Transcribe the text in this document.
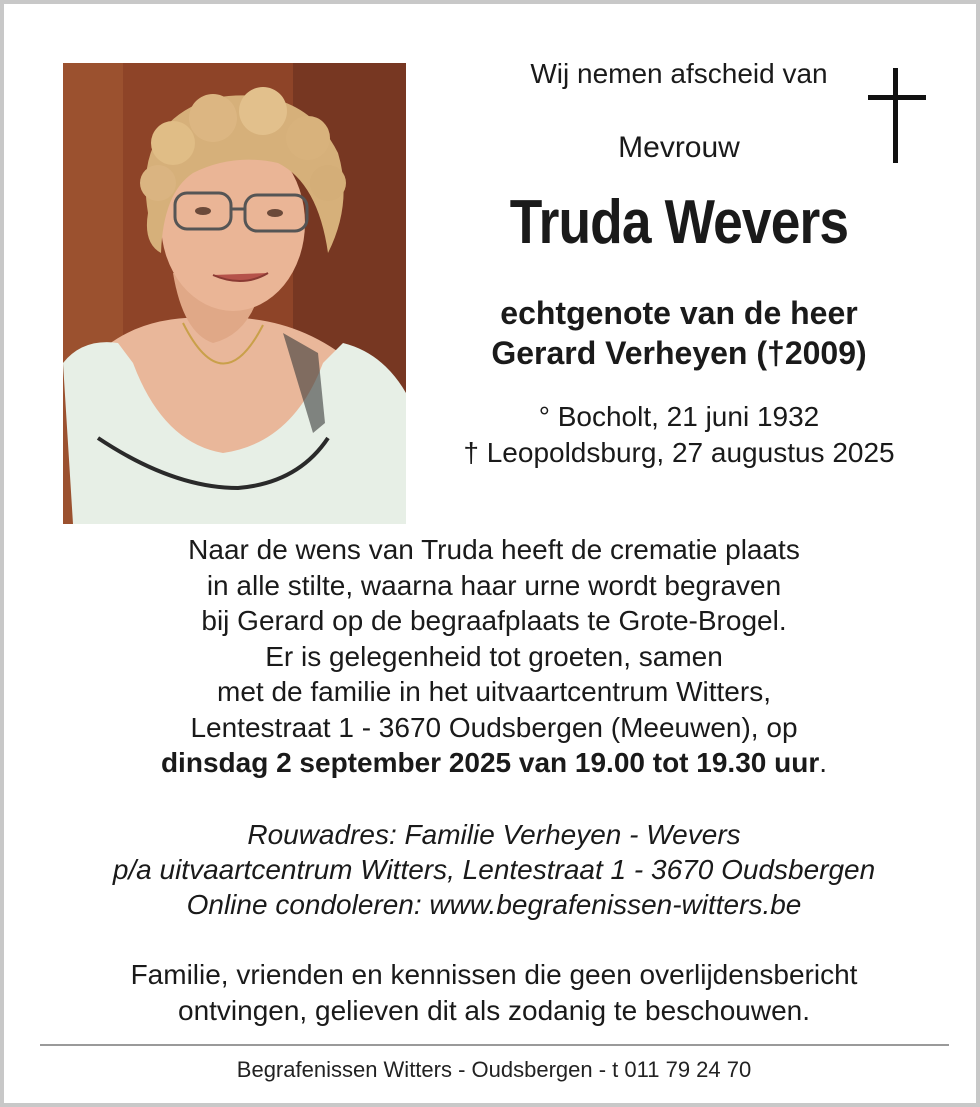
Wij nemen afscheid van
Mevrouw
Truda Wevers
echtgenote van de heer
Gerard Verheyen (†2009)
° Bocholt, 21 juni 1932
† Leopoldsburg, 27 augustus 2025
Naar de wens van Truda heeft de crematie plaats
in alle stilte, waarna haar urne wordt begraven
bij Gerard op de begraafplaats te Grote-Brogel.
Er is gelegenheid tot groeten, samen
met de familie in het uitvaartcentrum Witters,
Lentestraat 1 - 3670 Oudsbergen (Meeuwen), op
dinsdag 2 september 2025 van 19.00 tot 19.30 uur.
Rouwadres: Familie Verheyen - Wevers
p/a uitvaartcentrum Witters, Lentestraat 1 - 3670 Oudsbergen
Online condoleren: www.begrafenissen-witters.be
Familie, vrienden en kennissen die geen overlijdensbericht
ontvingen, gelieven dit als zodanig te beschouwen.
Begrafenissen Witters - Oudsbergen - t 011 79 24 70
